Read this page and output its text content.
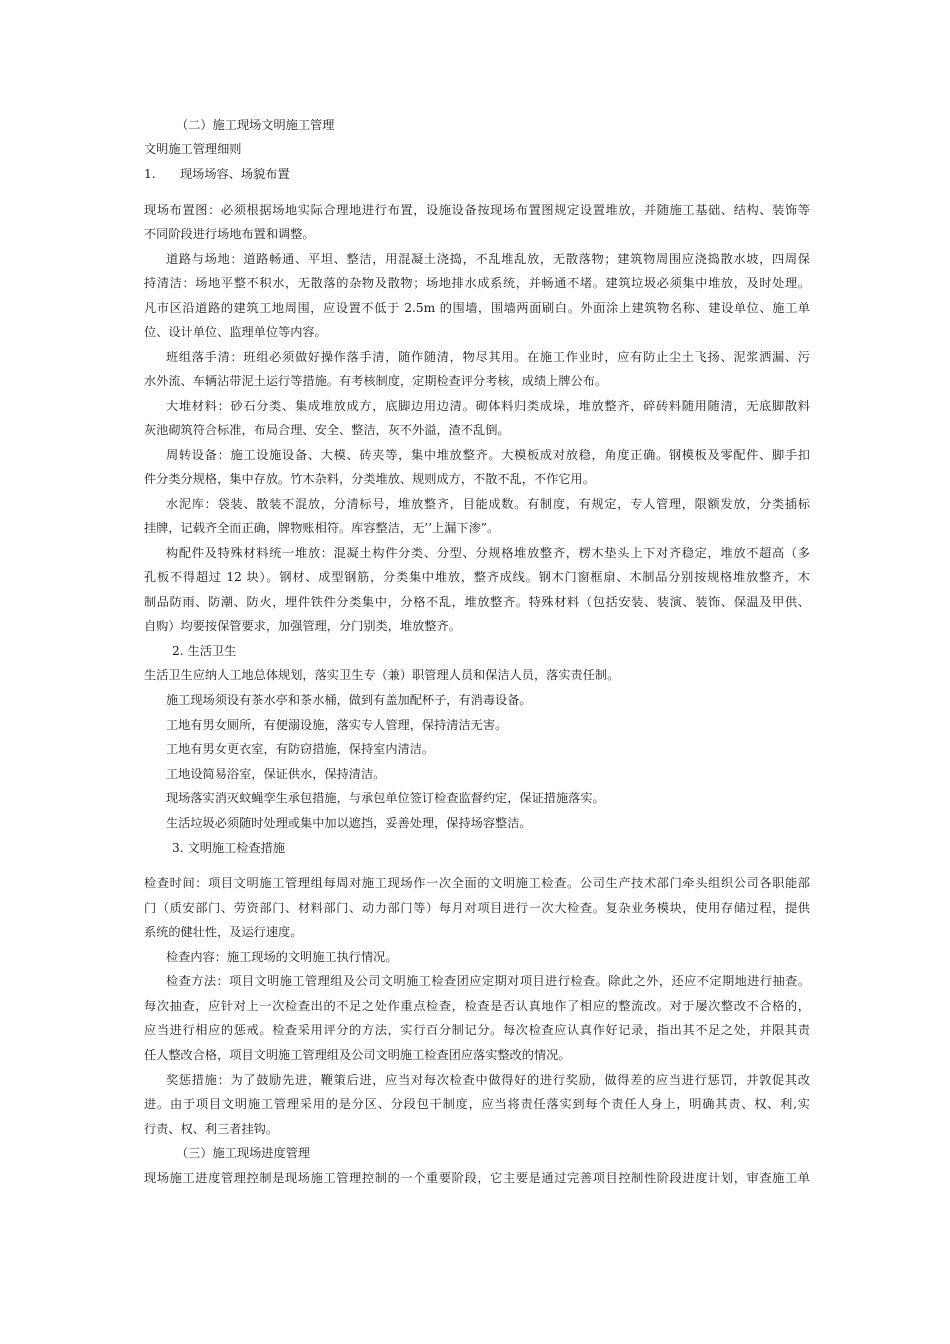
（二）施工现场文明施工管理
文明施工管理细则
1. 现场场容、场貌布置
现场布置图：必须根据场地实际合理地进行布置，设施设备按现场布置图规定设置堆放，并随施工基础、结构、装饰等
不同阶段进行场地布置和调整。
道路与场地：道路畅通、平坦、整洁，用混凝土浇捣，不乱堆乱放，无散落物；建筑物周围应浇捣散水坡，四周保
持清洁：场地平整不积水，无散落的杂物及散物；场地排水成系统，并畅通不堵。建筑垃圾必须集中堆放，及时处理。
凡市区沿道路的建筑工地周围，应设置不低于 2.5m 的围墙，围墙两面刷白。外面涂上建筑物名称、建设单位、施工单
位、设计单位、监理单位等内容。
班组落手清：班组必须做好操作落手清，随作随清，物尽其用。在施工作业时，应有防止尘土飞扬、泥浆洒漏、污
水外流、车辆沾带泥土运行等措施。有考核制度，定期检查评分考核，成绩上牌公布。
大堆材料：砂石分类、集成堆放成方，底脚边用边清。砌体料归类成垛，堆放整齐，碎砖料随用随清，无底脚散料
灰池砌筑符合标准，布局合理、安全、整洁，灰不外溢，渣不乱倒。
周转设备：施工设施设备、大模、砖夹等，集中堆放整齐。大模板成对放稳，角度正确。钢模板及零配件、脚手扣
件分类分规格，集中存放。竹木杂料，分类堆放、规则成方，不散不乱，不作它用。
水泥库：袋装、散装不混放，分清标号，堆放整齐，目能成数。有制度，有规定，专人管理，限额发放，分类插标
挂牌，记载齐全而正确，牌物账相符。库容整洁，无’’上漏下渗”。
构配件及特殊材料统一堆放：混凝土构件分类、分型、分规格堆放整齐，楞木垫头上下对齐稳定，堆放不超高（多
孔板不得超过 12 块）。钢材、成型钢筋，分类集中堆放，整齐成线。钢木门窗框扇、木制品分别按规格堆放整齐，木
制品防雨、防潮、防火，埋件铁件分类集中，分格不乱，堆放整齐。特殊材料（包括安装、装演、装饰、保温及甲供、
自购）均要按保管要求，加强管理，分门别类，堆放整齐。
2. 生活卫生
生活卫生应纳人工地总体规划，落实卫生专（兼）职管理人员和保洁人员，落实责任制。
施工现场须设有茶水亭和茶水桶，做到有盖加配杯子，有消毒设备。
工地有男女厕所，有便溺设施，落实专人管理，保持清洁无害。
工地有男女更衣室，有防窃措施，保持室内清洁。
工地设简易浴室，保证供水，保持清洁。
现场落实消灭蚊蝇孪生承包措施，与承包单位签订检查监督约定，保证措施落实。
生活垃圾必须随时处理或集中加以遮挡，妥善处理，保持场容整洁。
3. 文明施工检查措施
检查时间：项目文明施工管理组每周对施工现场作一次全面的文明施工检查。公司生产技术部门牵头组织公司各职能部
门（质安部门、劳资部门、材料部门、动力部门等）每月对项目进行一次大检查。复杂业务模块，使用存储过程，提供
系统的健壮性，及运行速度。
检查内容：施工现场的文明施工执行情况。
检查方法：项目文明施工管理组及公司文明施工检查团应定期对项目进行检查。除此之外，还应不定期地进行抽查。
每次抽查，应针对上一次检查出的不足之处作重点检查，检查是否认真地作了相应的整流改。对于屡次整改不合格的，
应当进行相应的惩戒。检查采用评分的方法，实行百分制记分。每次检查应认真作好记录，指出其不足之处，并限其责
任人整改合格，项目文明施工管理组及公司文明施工检查团应落实整改的情况。
奖惩措施：为了鼓励先进，鞭策后进，应当对每次检查中做得好的进行奖励，做得差的应当进行惩罚，并敦促其改
进。由于项目文明施工管理采用的是分区、分段包干制度，应当将责任落实到每个责任人身上，明确其责、权、利,实
行责、权、利三者挂钩。
（三）施工现场进度管理
现场施工进度管理控制是现场施工管理控制的一个重要阶段，它主要是通过完善项目控制性阶段进度计划，审查施工单
